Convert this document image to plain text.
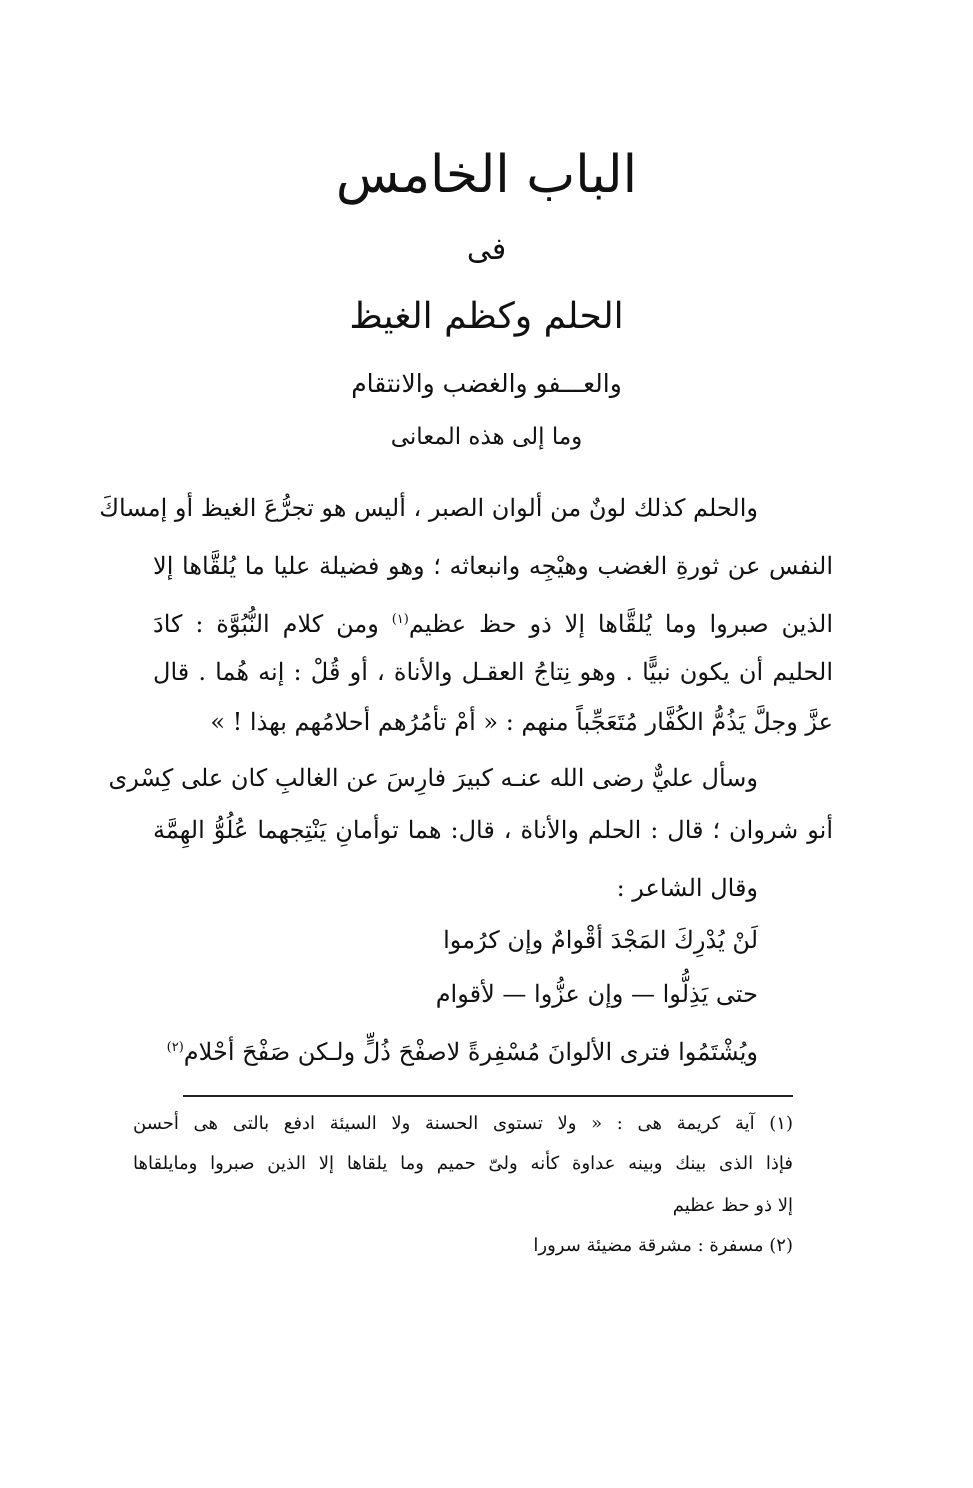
الباب الخامس
فى
الحلم وكظم الغيظ
والعـــفو والغضب والانتقام
وما إلى هذه المعانى
والحلم كذلك لونٌ من ألوان الصبر ، أليس هو تجرُّعَ الغيظ أو إمساكَ
النفس عن ثورةِ الغضب وهيْجِه وانبعاثه ؛ وهو فضيلة عليا ما يُلقَّاها إلا
الذين صبروا وما يُلقَّاها إلا ذو حظ عظيم$^{(١)}$ ومن كلام النُّبُوَّة : كادَ
الحليم أن يكون نبيًّا . وهو نِتاجُ العقـل والأناة ، أو قُلْ : إنه هُما . قال
عزَّ وجلَّ يَذُمُّ الكُفَّار مُتَعَجِّباً منهم : « أمْ تأمُرُهم أحلامُهم بهذا ! »
وسأل عليٌّ رضى الله عنـه كبيرَ فارِسَ عن الغالبِ كان على كِسْرى
أنو شروان ؛ قال : الحلم والأناة ، قال: هما توأمانِ يَنْتِجهما عُلُوُّ الهِمَّة
وقال الشاعر :
لَنْ يُدْرِكَ المَجْدَ أقْوامٌ وإن كرُموا
حتى يَذِلُّوا — وإن عزُّوا — لأقوام
ويُشْتَمُوا فترى الألوانَ مُسْفِرةً لاصفْحَ ذُلٍّ ولـكن صَفْحَ أحْلام$^{(٢)}$
(١) آية كريمة هى : « ولا تستوى الحسنة ولا السيئة ادفع بالتى هى أحسن
فإذا الذى بينك وبينه عداوة كأنه ولىّ حميم وما يلقاها إلا الذين صبروا ومايلقاها
إلا ذو حظ عظيم
(٢) مسفرة : مشرقة مضيئة سرورا
